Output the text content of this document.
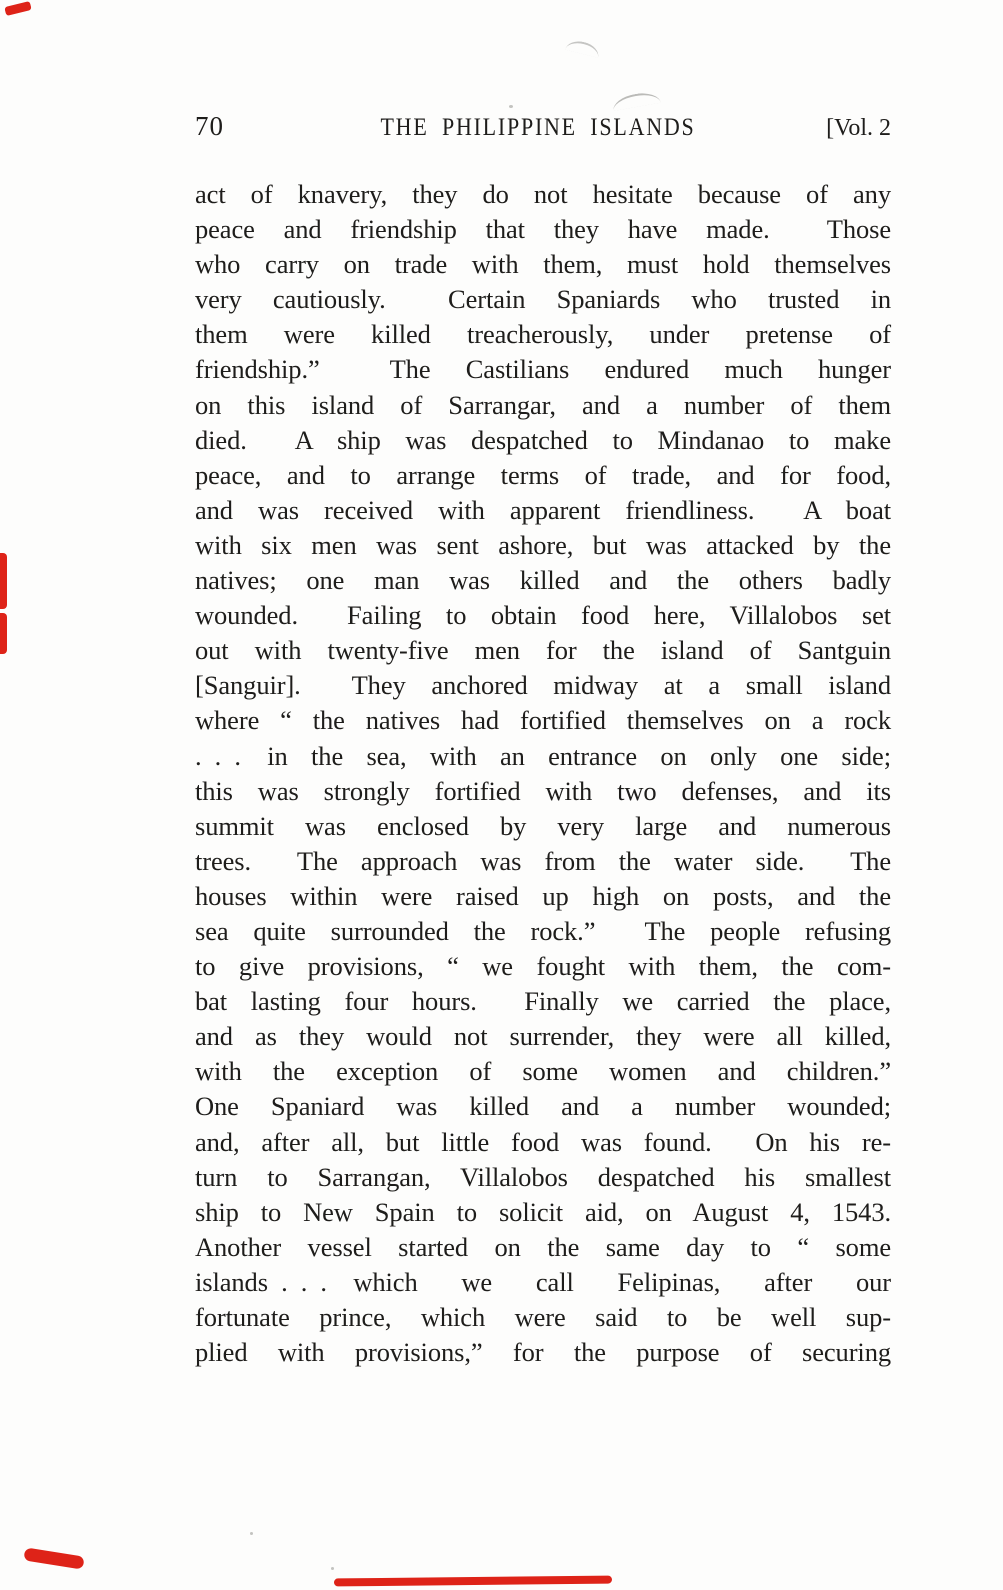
70	THE PHILIPPINE ISLANDS	[Vol. 2
act of knavery, they do not hesitate because of any
peace and friendship that they have made.  Those
who carry on trade with them, must hold themselves
very cautiously.  Certain Spaniards who trusted in
them were killed treacherously, under pretense of
friendship.”  The Castilians endured much hunger
on this island of Sarrangar, and a number of them
died.  A ship was despatched to Mindanao to make
peace, and to arrange terms of trade, and for food,
and was received with apparent friendliness.  A boat
with six men was sent ashore, but was attacked by the
natives; one man was killed and the others badly
wounded.  Failing to obtain food here, Villalobos set
out with twenty-five men for the island of Santguin
[Sanguir].  They anchored midway at a small island
where “ the natives had fortified themselves on a rock
. . . in the sea, with an entrance on only one side;
this was strongly fortified with two defenses, and its
summit was enclosed by very large and numerous
trees.  The approach was from the water side.  The
houses within were raised up high on posts, and the
sea quite surrounded the rock.”  The people refusing
to give provisions, “ we fought with them, the com-
bat lasting four hours.  Finally we carried the place,
and as they would not surrender, they were all killed,
with the exception of some women and children.”
One Spaniard was killed and a number wounded;
and, after all, but little food was found.  On his re-
turn to Sarrangan, Villalobos despatched his smallest
ship to New Spain to solicit aid, on August 4, 1543.
Another vessel started on the same day to “ some
islands . . . which we call Felipinas, after our
fortunate prince, which were said to be well sup-
plied with provisions,” for the purpose of securing
